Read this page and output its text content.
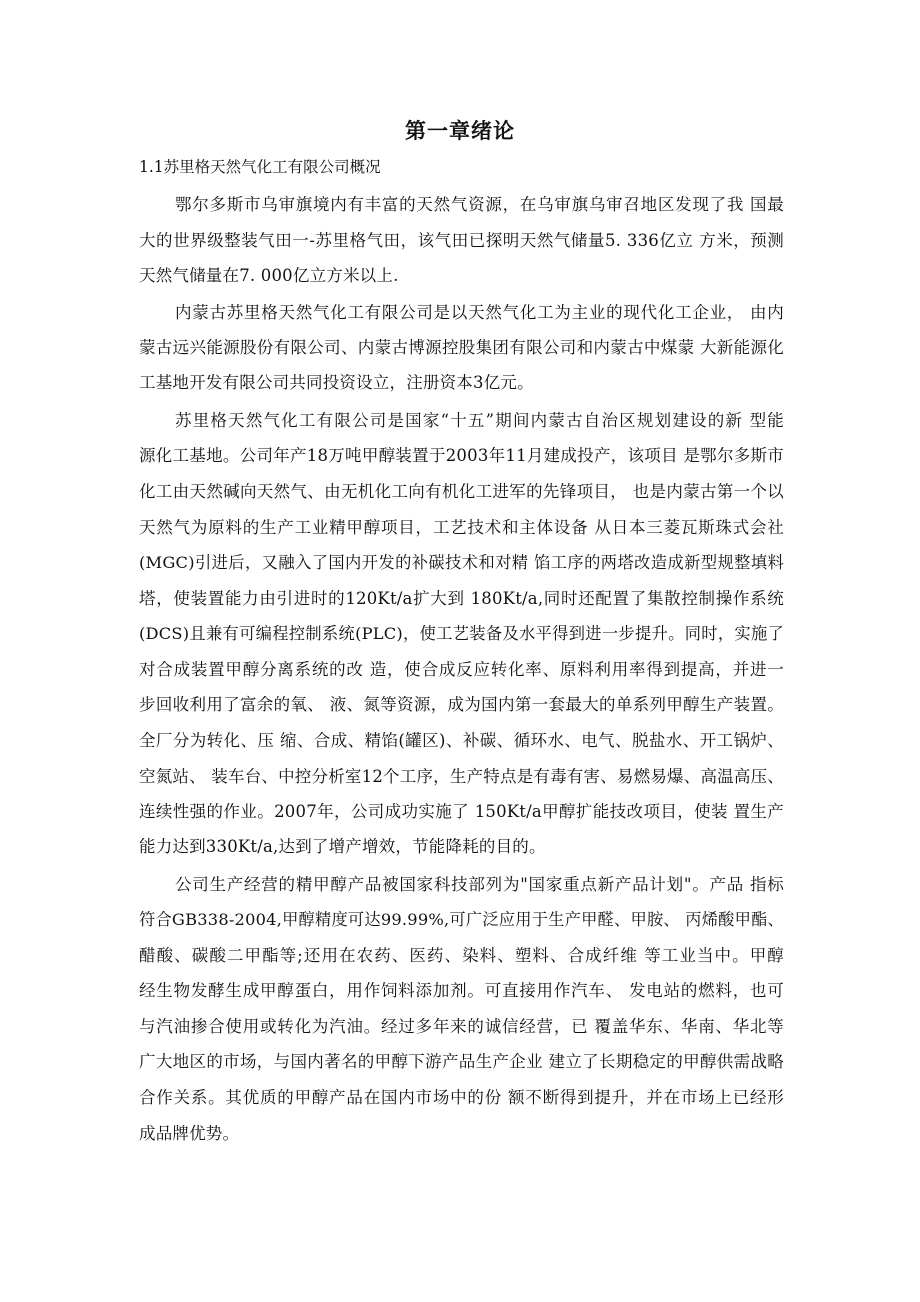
第一章绪论
1.1苏里格天然气化工有限公司概况
鄂尔多斯市乌审旗境内有丰富的天然气资源，在乌审旗乌审召地区发现了我 国最
大的世界级整装气田一-苏里格气田，该气田已探明天然气储量5. 336亿立 方米，预测
天然气储量在7. 000亿立方米以上.
内蒙古苏里格天然气化工有限公司是以天然气化工为主业的现代化工企业， 由内
蒙古远兴能源股份有限公司、内蒙古博源控股集团有限公司和内蒙古中煤蒙 大新能源化
工基地开发有限公司共同投资设立，注册资本3亿元。
苏里格天然气化工有限公司是国家“十五”期间内蒙古自治区规划建设的新 型能
源化工基地。公司年产18万吨甲醇装置于2003年11月建成投产，该项目 是鄂尔多斯市
化工由天然碱向天然气、由无机化工向有机化工进军的先锋项目， 也是内蒙古第一个以
天然气为原料的生产工业精甲醇项目，工艺技术和主体设备 从日本三菱瓦斯珠式会社
(MGC)引进后，又融入了国内开发的补碳技术和对精 馅工序的两塔改造成新型规整填料
塔，使装置能力由引进时的120Kt/a扩大到 180Kt/a,同时还配置了集散控制操作系统
(DCS)且兼有可编程控制系统(PLC)，使工艺装备及水平得到进一步提升。同时，实施了
对合成装置甲醇分离系统的改 造，使合成反应转化率、原料利用率得到提高，并进一
步回收利用了富余的氧、 液、氮等资源，成为国内第一套最大的单系列甲醇生产装置。
全厂分为转化、压 缩、合成、精馅(罐区)、补碳、循环水、电气、脱盐水、开工锅炉、
空氮站、 装车台、中控分析室12个工序，生产特点是有毒有害、易燃易爆、高温高压、
连续性强的作业。2007年，公司成功实施了 150Kt/a甲醇扩能技改项目，使装 置生产
能力达到330Kt/a,达到了增产增效，节能降耗的目的。
公司生产经营的精甲醇产品被国家科技部列为"国家重点新产品计划"。产品 指标
符合GB338-2004,甲醇精度可达99.99%,可广泛应用于生产甲醛、甲胺、 丙烯酸甲酯、
醋酸、碳酸二甲酯等;还用在农药、医药、染料、塑料、合成纤维 等工业当中。甲醇
经生物发酵生成甲醇蛋白，用作饲料添加剂。可直接用作汽车、 发电站的燃料，也可
与汽油掺合使用或转化为汽油。经过多年来的诚信经营，已 覆盖华东、华南、华北等
广大地区的市场，与国内著名的甲醇下游产品生产企业 建立了长期稳定的甲醇供需战略
合作关系。其优质的甲醇产品在国内市场中的份 额不断得到提升，并在市场上已经形
成品牌优势。
